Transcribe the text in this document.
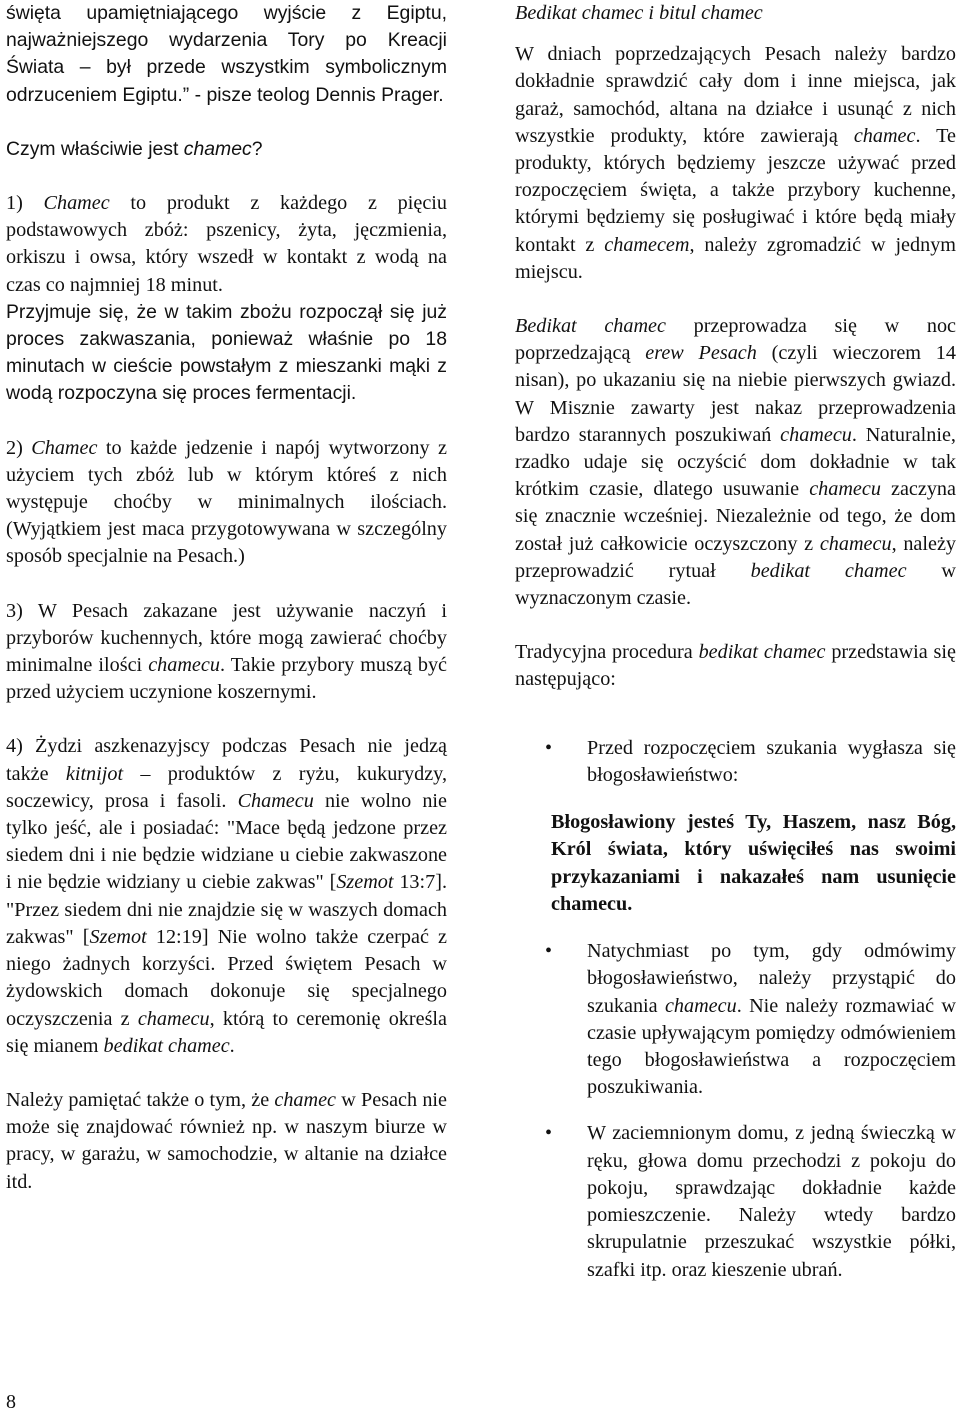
święta upamiętniającego wyjście z Egiptu, najważniejszego wydarzenia Tory po Kreacji Świata – był przede wszystkim symbolicznym odrzuceniem Egiptu.” - pisze teolog Dennis Prager.

Czym właściwie jest chamec?

1) Chamec to produkt z każdego z pięciu podstawowych zbóż: pszenicy, żyta, jęczmienia, orkiszu i owsa, który wszedł w kontakt z wodą na czas co najmniej 18 minut.

Przyjmuje się, że w takim zbożu rozpoczął się już proces zakwaszania, ponieważ właśnie po 18 minutach w cieście powstałym z mieszanki mąki z wodą rozpoczyna się proces fermentacji.

2) Chamec to każde jedzenie i napój wytworzony z użyciem tych zbóż lub w którym któreś z nich występuje choćby w minimalnych ilościach. (Wyjątkiem jest maca przygotowywana w szczególny sposób specjalnie na Pesach.)

3) W Pesach zakazane jest używanie naczyń i przyborów kuchennych, które mogą zawierać choćby minimalne ilości chamecu. Takie przybory muszą być przed użyciem uczynione koszernymi.

4) Żydzi aszkenazyjscy podczas Pesach nie jedzą także kitnijot – produktów z ryżu, kukurydzy, soczewicy, prosa i fasoli. Chamecu nie wolno nie tylko jeść, ale i posiadać: "Mace będą jedzone przez siedem dni i nie będzie widziane u ciebie zakwaszone i nie będzie widziany u ciebie zakwas" [Szemot 13:7]. "Przez siedem dni nie znajdzie się w waszych domach zakwas" [Szemot 12:19] Nie wolno także czerpać z niego żadnych korzyści. Przed świętem Pesach w żydowskich domach dokonuje się specjalnego oczyszczenia z chamecu, którą to ceremonię określa się mianem bedikat chamec.

Należy pamiętać także o tym, że chamec w Pesach nie może się znajdować również np. w naszym biurze w pracy, w garażu, w samochodzie, w altanie na działce itd.

Bedikat chamec i bitul chamec

W dniach poprzedzających Pesach należy bardzo dokładnie sprawdzić cały dom i inne miejsca, jak garaż, samochód, altana na działce i usunąć z nich wszystkie produkty, które zawierają chamec. Te produkty, których będziemy jeszcze używać przed rozpoczęciem święta, a także przybory kuchenne, którymi będziemy się posługiwać i które będą miały kontakt z chamecem, należy zgromadzić w jednym miejscu.

Bedikat chamec przeprowadza się w noc poprzedzającą erew Pesach (czyli wieczorem 14 nisan), po ukazaniu się na niebie pierwszych gwiazd. W Misznie zawarty jest nakaz przeprowadzenia bardzo starannych poszukiwań chamecu. Naturalnie, rzadko udaje się oczyścić dom dokładnie w tak krótkim czasie, dlatego usuwanie chamecu zaczyna się znacznie wcześniej. Niezależnie od tego, że dom został już całkowicie oczyszczony z chamecu, należy przeprowadzić rytuał bedikat chamec w wyznaczonym czasie.

Tradycyjna procedura bedikat chamec przedstawia się następująco:

• Przed rozpoczęciem szukania wygłasza się błogosławieństwo:

Błogosławiony jesteś Ty, Haszem, nasz Bóg, Król świata, który uświęciłeś nas swoimi przykazaniami i nakazałeś nam usunięcie chamecu.

• Natychmiast po tym, gdy odmówimy błogosławieństwo, należy przystąpić do szukania chamecu. Nie należy rozmawiać w czasie upływającym pomiędzy odmówieniem tego błogosławieństwa a rozpoczęciem poszukiwania.
• W zaciemnionym domu, z jedną świeczką w ręku, głowa domu przechodzi z pokoju do pokoju, sprawdzając dokładnie każde pomieszczenie. Należy wtedy bardzo skrupulatnie przeszukać wszystkie półki, szafki itp. oraz kieszenie ubrań.
8
